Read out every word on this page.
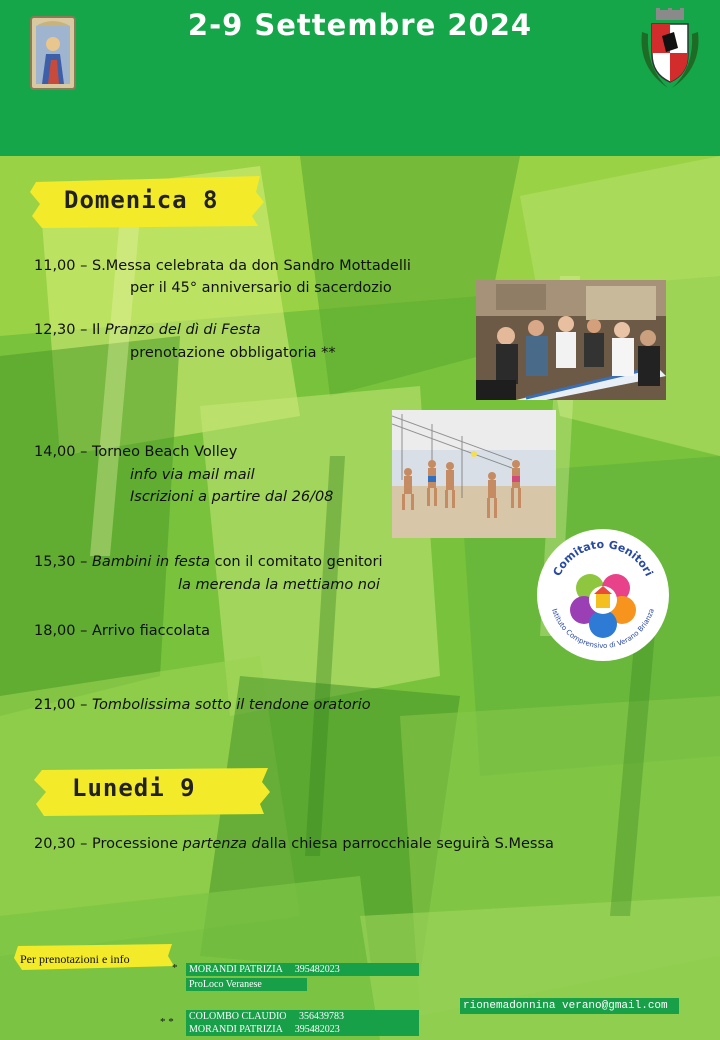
2-9 Settembre 2024
Domenica 8
11,00 – S.Messa celebrata da don Sandro Mottadelli
per il 45° anniversario di sacerdozio
12,30 – Il Pranzo del dì di Festa
prenotazione obbligatoria **
14,00 – Torneo Beach Volley
info via mail mail
Iscrizioni a partire dal 26/08
15,30 – Bambini in festa con il comitato genitori
la merenda la mettiamo noi
18,00 – Arrivo fiaccolata
21,00 – Tombolissima sotto il tendone oratorio
Comitato Genitori
Istituto Comprensivo di Verano Brianza
Lunedi 9
20,30 – Processione partenza dalla chiesa parrocchiale seguirà S.Messa
Per prenotazioni e info
*	MORANDI PATRIZIA     395482023
ProLoco Veranese
* *	COLOMBO CLAUDIO     356439783
MORANDI PATRIZIA     395482023
rionemadonnina verano@gmail.com
